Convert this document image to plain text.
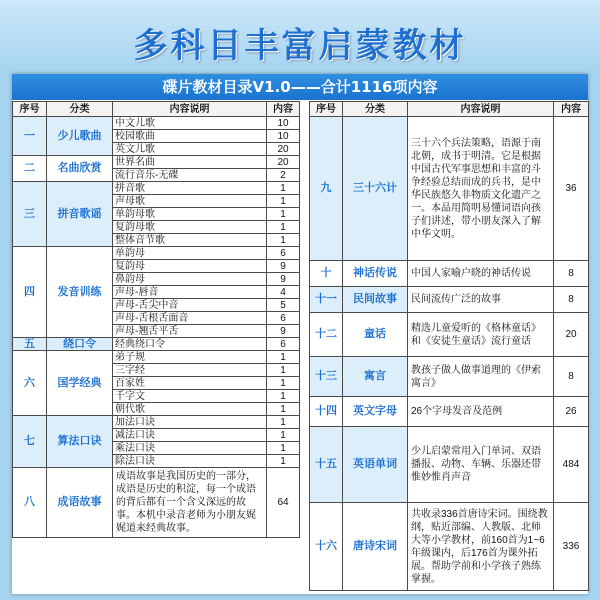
多科目丰富启蒙教材
碟片教材目录V1.0——合计1116项内容
序号	分类	内容说明	内容
一	少儿歌曲	中文儿歌	10
		校园歌曲	10
		英文儿歌	20
二	名曲欣赏	世界名曲	20
		流行音乐-无碟	2
三	拼音歌谣	拼音歌	1
		声母歌	1
		单韵母歌	1
		复韵母歌	1
		整体音节歌	1
四	发音训练	单韵母	6
		复韵母	9
		鼻韵母	9
		声母-唇音	4
		声母-舌尖中音	5
		声母-舌根舌面音	6
		声母-翘舌平舌	9
五	绕口令	经典绕口令	6
六	国学经典	弟子规	1
		三字经	1
		百家姓	1
		千字文	1
		朝代歌	1
七	算法口诀	加法口诀	1
		减法口诀	1
		乘法口诀	1
		除法口诀	1
八	成语故事	成语故事是我国历史的一部分，成语是历史的积淀，每一个成语的背后都有一个含义深远的故事。本机中录音老师为小朋友娓娓道来经典故事。	64
序号	分类	内容说明	内容
九	三十六计	三十六个兵法策略，语源于南北朝，成书于明清。它是根据中国古代军事思想和丰富的斗争经验总结而成的兵书，是中华民族悠久非物质文化遗产之一。本品用简明易懂词语向孩子们讲述，带小朋友深入了解中华文明。	36
十	神话传说	中国人家喻户晓的神话传说	8
十一	民间故事	民间流传广泛的故事	8
十二	童话	精选儿童爱听的《格林童话》和《安徒生童话》流行童话	20
十三	寓言	教孩子做人做事道理的《伊索寓言》	8
十四	英文字母	26个字母发音及范例	26
十五	英语单词	少儿启蒙常用入门单词、双语播报、动物、车辆、乐器还带惟妙惟肖声音	484
十六	唐诗宋词	共收录336首唐诗宋词。围绕教纲，贴近部编、人教版、北师大等小学教材，前160首为1~6年级课内，后176首为课外拓展。帮助学前和小学孩子熟练掌握。	336
